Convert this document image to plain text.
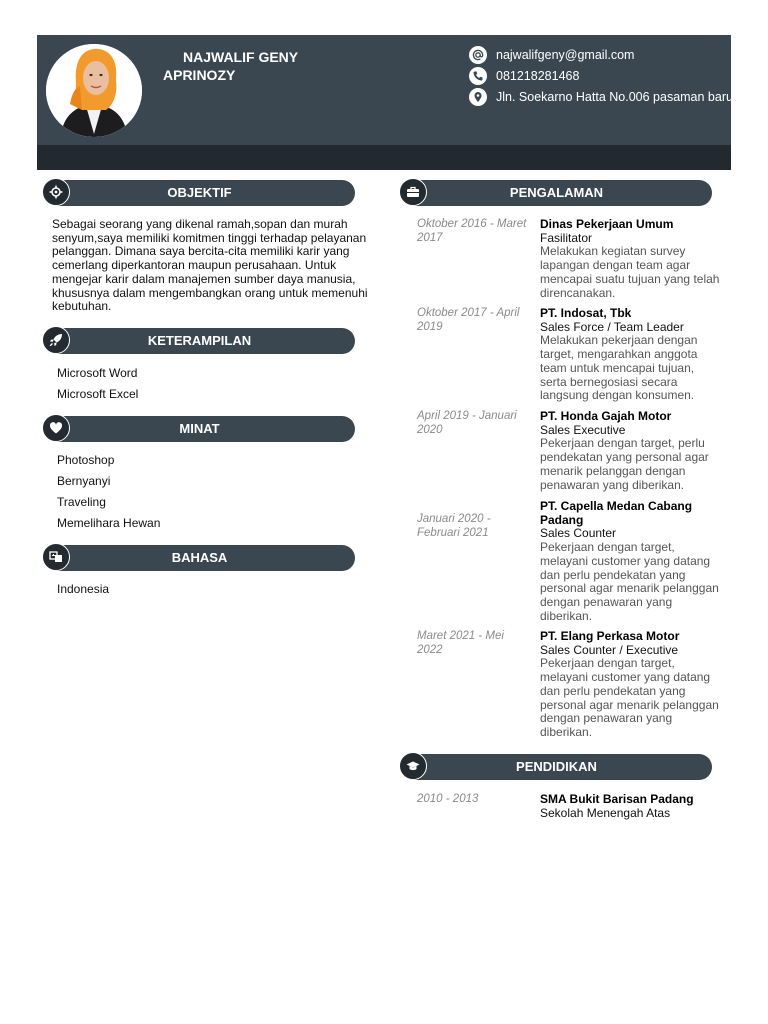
NAJWALIF GENY
APRINOZY
najwalifgeny@gmail.com
081218281468
Jln. Soekarno Hatta No.006 pasaman baru
OBJEKTIF
Sebagai seorang yang dikenal ramah,sopan dan murah senyum,saya memiliki komitmen tinggi terhadap pelayanan pelanggan. Dimana saya bercita-cita memiliki karir yang cemerlang diperkantoran maupun perusahaan. Untuk mengejar karir dalam manajemen sumber daya manusia, khususnya dalam mengembangkan orang untuk memenuhi kebutuhan.
KETERAMPILAN
Microsoft Word
Microsoft Excel
MINAT
Photoshop
Bernyanyi
Traveling
Memelihara Hewan
BAHASA
Indonesia
PENGALAMAN
Oktober 2016 - Maret 2017
Dinas Pekerjaan Umum
Fasilitator
Melakukan kegiatan survey lapangan dengan team agar mencapai suatu tujuan yang telah direncanakan.
Oktober 2017 - April 2019
PT. Indosat, Tbk
Sales Force / Team Leader
Melakukan pekerjaan dengan target, mengarahkan anggota team untuk mencapai tujuan, serta bernegosiasi secara langsung dengan konsumen.
April 2019 - Januari 2020
PT. Honda Gajah Motor
Sales Executive
Pekerjaan dengan target, perlu pendekatan yang personal agar menarik pelanggan dengan penawaran yang diberikan.
Januari 2020 - Februari 2021
PT. Capella Medan Cabang Padang
Sales Counter
Pekerjaan dengan target, melayani customer yang datang dan perlu pendekatan yang personal agar menarik pelanggan dengan penawaran yang diberikan.
Maret 2021 - Mei 2022
PT. Elang Perkasa Motor
Sales Counter / Executive
Pekerjaan dengan target, melayani customer yang datang dan perlu pendekatan yang personal agar menarik pelanggan dengan penawaran yang diberikan.
PENDIDIKAN
2010 - 2013	SMA Bukit Barisan Padang
Sekolah Menengah Atas
